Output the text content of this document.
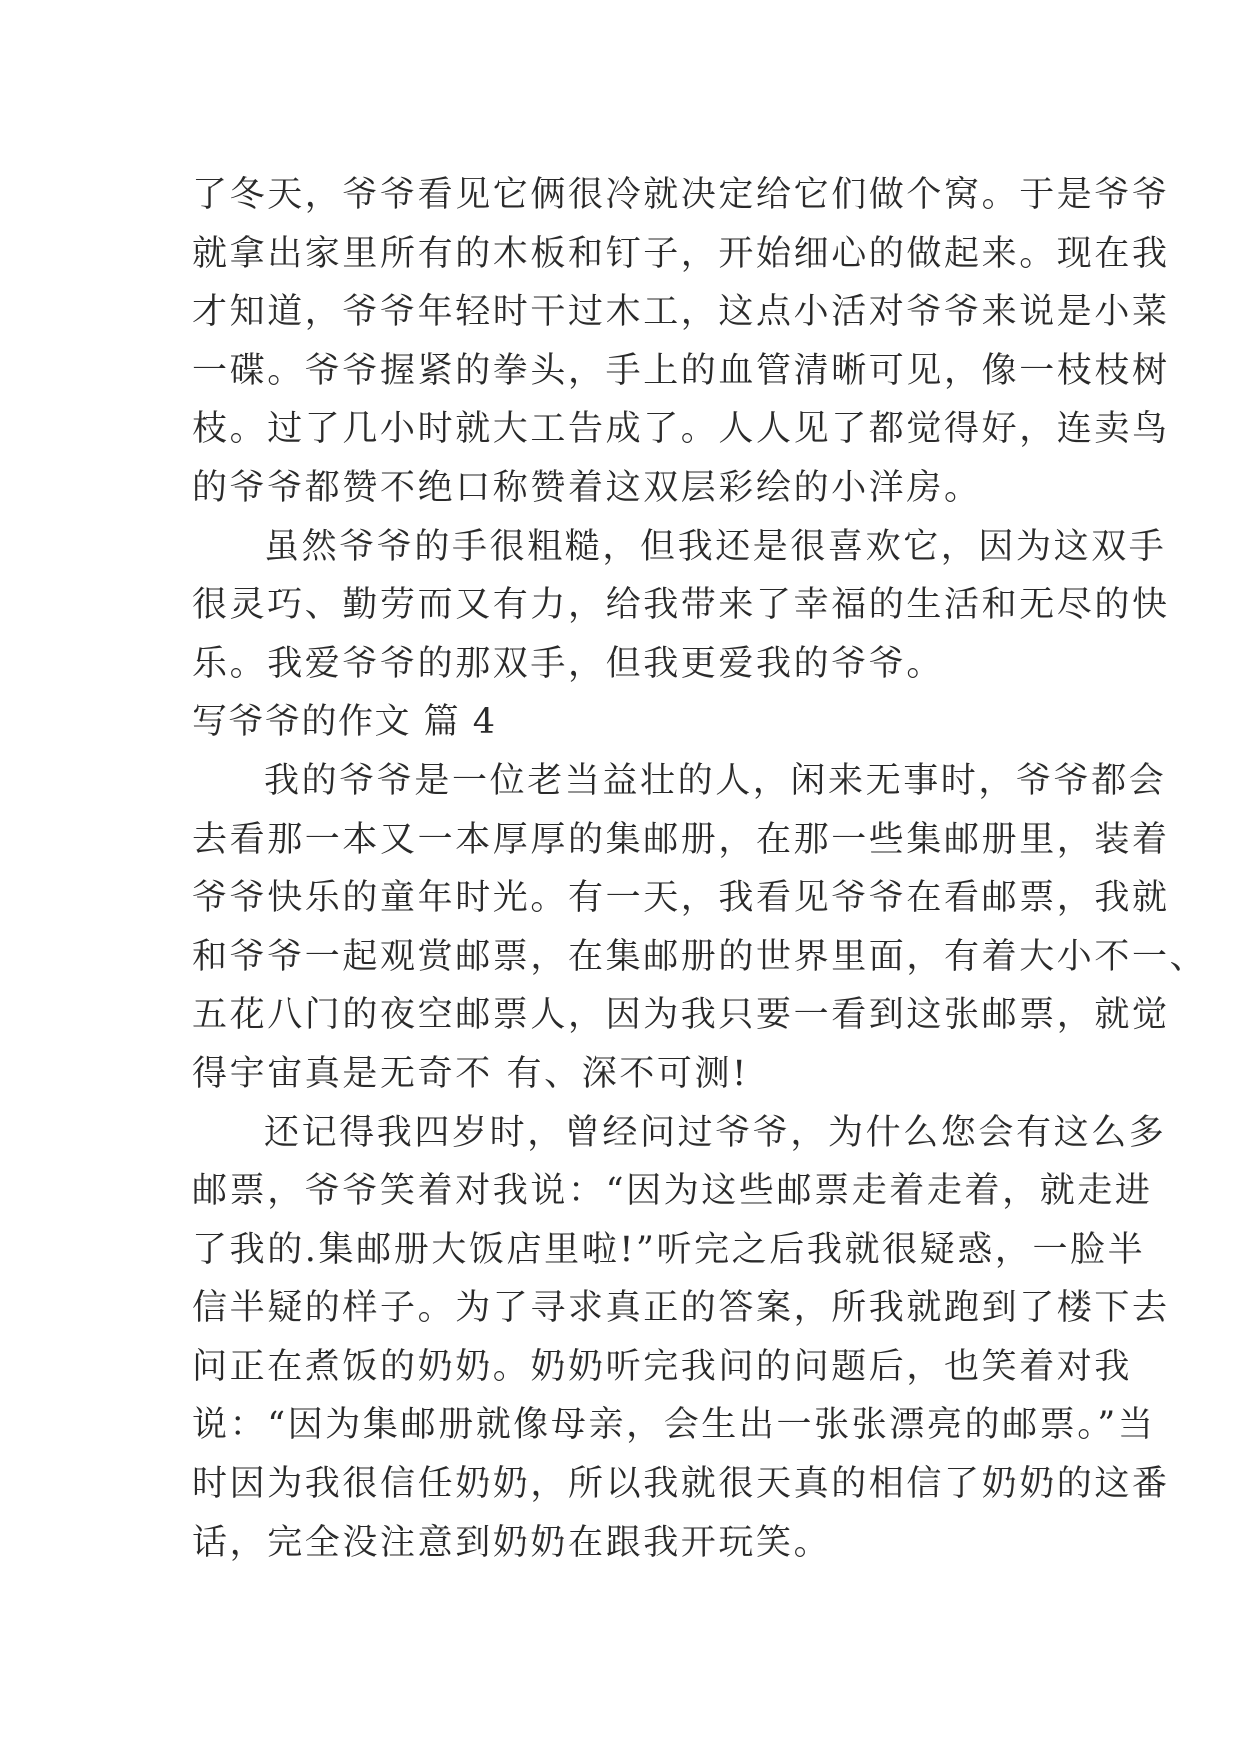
了冬天，爷爷看见它俩很冷就决定给它们做个窝。于是爷爷
就拿出家里所有的木板和钉子，开始细心的做起来。现在我
才知道，爷爷年轻时干过木工，这点小活对爷爷来说是小菜
一碟。爷爷握紧的拳头，手上的血管清晰可见，像一枝枝树
枝。过了几小时就大工告成了。人人见了都觉得好，连卖鸟
的爷爷都赞不绝口称赞着这双层彩绘的小洋房。
虽然爷爷的手很粗糙，但我还是很喜欢它，因为这双手
很灵巧、勤劳而又有力，给我带来了幸福的生活和无尽的快
乐。我爱爷爷的那双手，但我更爱我的爷爷。
写爷爷的作文 篇 4
我的爷爷是一位老当益壮的人，闲来无事时，爷爷都会
去看那一本又一本厚厚的集邮册，在那一些集邮册里，装着
爷爷快乐的童年时光。有一天，我看见爷爷在看邮票，我就
和爷爷一起观赏邮票，在集邮册的世界里面，有着大小不一、
五花八门的夜空邮票人，因为我只要一看到这张邮票，就觉
得宇宙真是无奇不 有、深不可测!
还记得我四岁时，曾经问过爷爷，为什么您会有这么多
邮票，爷爷笑着对我说：“因为这些邮票走着走着，就走进
了我的.集邮册大饭店里啦!”听完之后我就很疑惑，一脸半
信半疑的样子。为了寻求真正的答案，所我就跑到了楼下去
问正在煮饭的奶奶。奶奶听完我问的问题后，也笑着对我
说：“因为集邮册就像母亲，会生出一张张漂亮的邮票。”当
时因为我很信任奶奶，所以我就很天真的相信了奶奶的这番
话，完全没注意到奶奶在跟我开玩笑。
